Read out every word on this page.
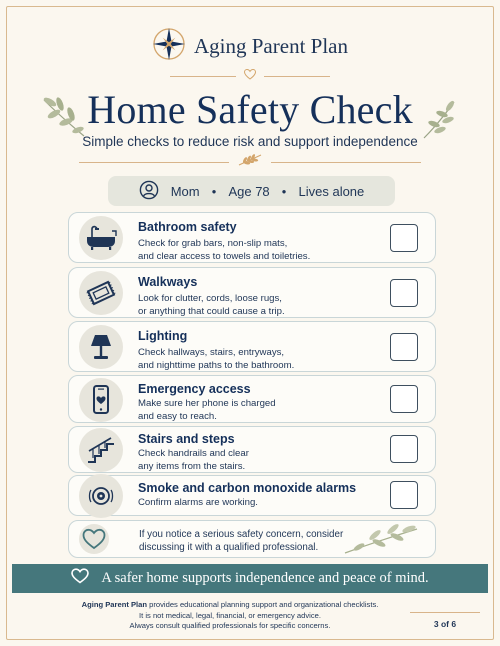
Aging Parent Plan
Home Safety Check
Simple checks to reduce risk and support independence
Mom ● Age 78 ● Lives alone
Bathroom safety
Check for grab bars, non-slip mats,
and clear access to towels and toiletries.
Walkways
Look for clutter, cords, loose rugs,
or anything that could cause a trip.
Lighting
Check hallways, stairs, entryways,
and nighttime paths to the bathroom.
Emergency access
Make sure her phone is charged
and easy to reach.
Stairs and steps
Check handrails and clear
any items from the stairs.
Smoke and carbon monoxide alarms
Confirm alarms are working.
If you notice a serious safety concern, consider
discussing it with a qualified professional.
A safer home supports independence and peace of mind.
Aging Parent Plan provides educational planning support and organizational checklists.
It is not medical, legal, financial, or emergency advice.
Always consult qualified professionals for specific concerns.	3 of 6
